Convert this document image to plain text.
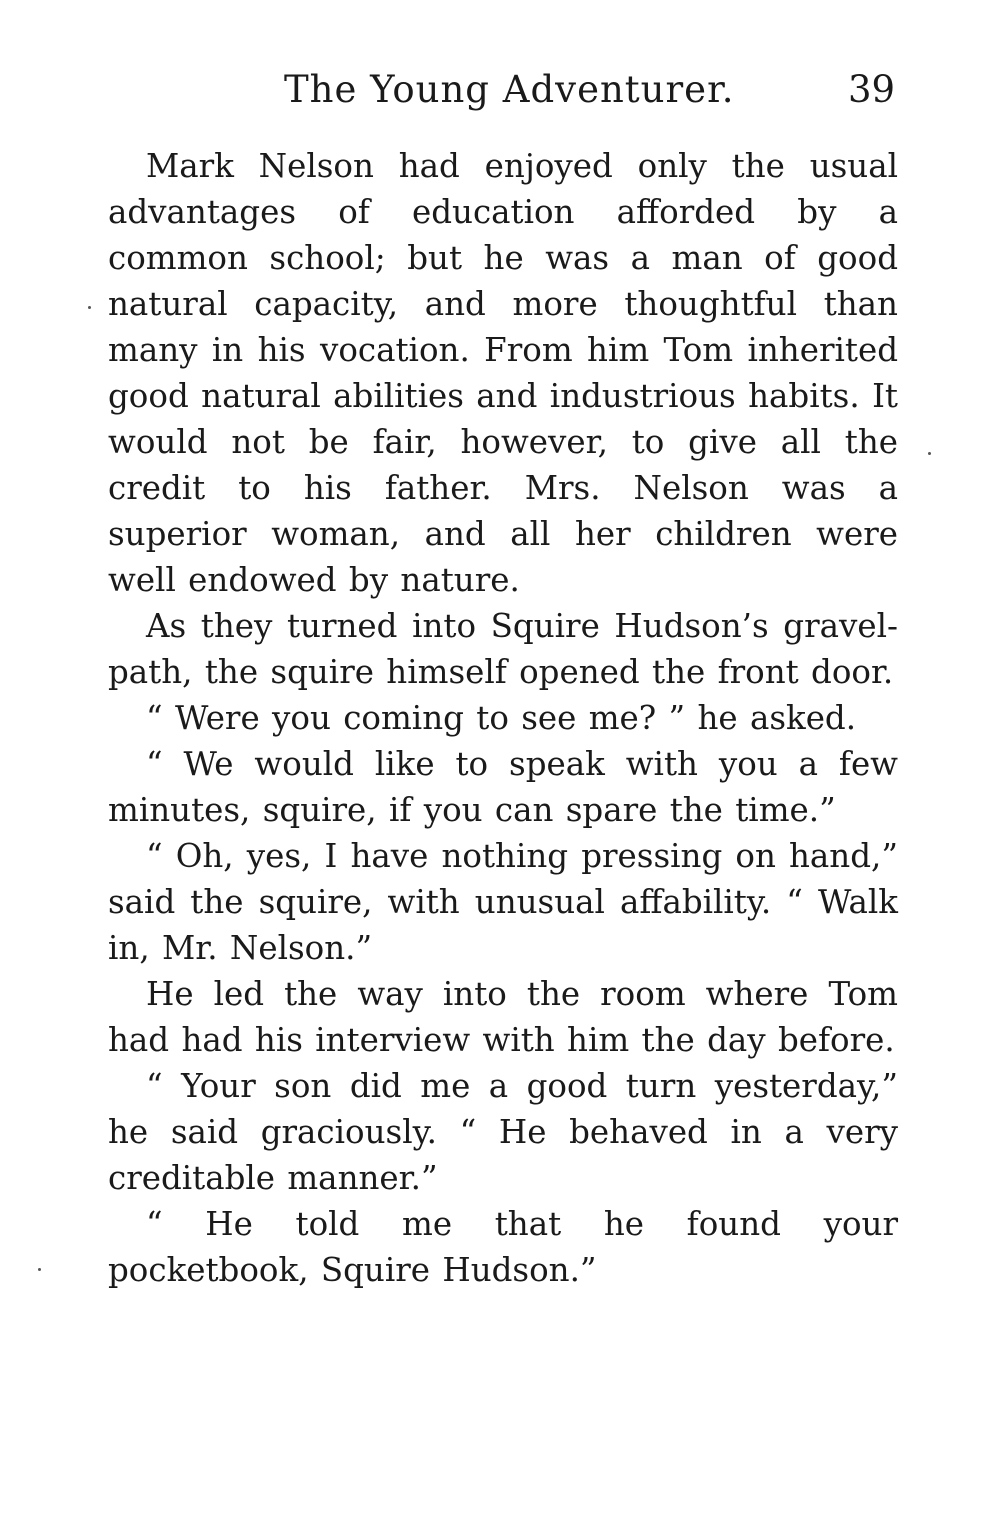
The Young Adventurer.	39

Mark Nelson had enjoyed only the usual advantages of education afforded by a common school; but he was a man of good natural capacity, and more thoughtful than many in his vocation. From him Tom inherited good natural abilities and industrious habits. It would not be fair, however, to give all the credit to his father. Mrs. Nelson was a superior woman, and all her children were well endowed by nature.

As they turned into Squire Hudson’s gravel-path, the squire himself opened the front door.

“ Were you coming to see me? ” he asked.

“ We would like to speak with you a few minutes, squire, if you can spare the time.”

“ Oh, yes, I have nothing pressing on hand,” said the squire, with unusual affability. “ Walk in, Mr. Nelson.”

He led the way into the room where Tom had had his interview with him the day before.

“ Your son did me a good turn yesterday,” he said graciously. “ He behaved in a very creditable manner.”

“ He told me that he found your pocketbook, Squire Hudson.”
